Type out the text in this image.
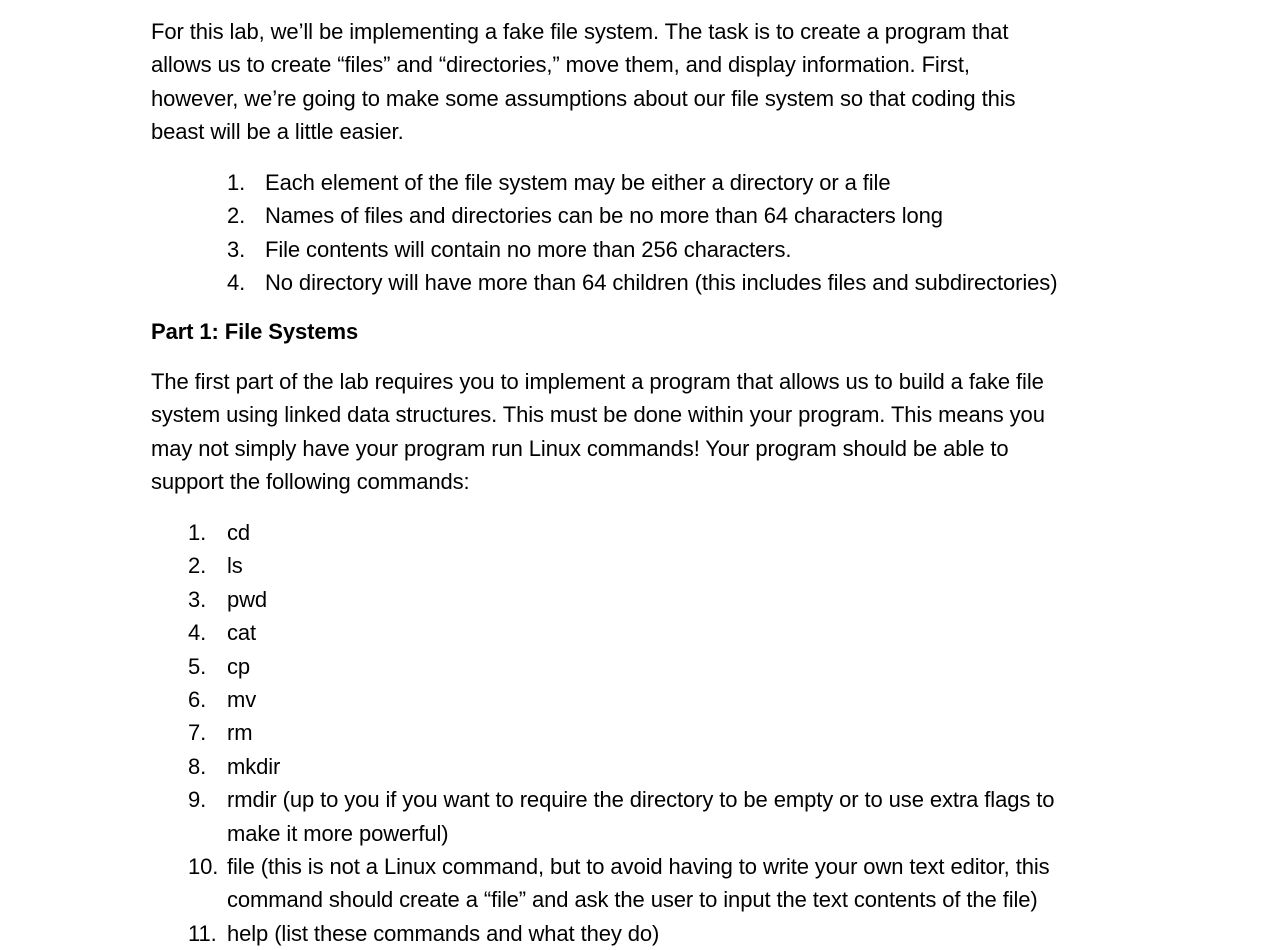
For this lab, we’ll be implementing a fake file system. The task is to create a program that
allows us to create “files” and “directories,” move them, and display information. First,
however, we’re going to make some assumptions about our file system so that coding this
beast will be a little easier.

1. Each element of the file system may be either a directory or a file
2. Names of files and directories can be no more than 64 characters long
3. File contents will contain no more than 256 characters.
4. No directory will have more than 64 children (this includes files and subdirectories)
Part 1: File Systems

The first part of the lab requires you to implement a program that allows us to build a fake file
system using linked data structures. This must be done within your program. This means you
may not simply have your program run Linux commands! Your program should be able to
support the following commands:

1. cd
2. ls
3. pwd
4. cat
5. cp
6. mv
7. rm
8. mkdir
9. rmdir (up to you if you want to require the directory to be empty or to use extra flags to
make it more powerful)
10. file (this is not a Linux command, but to avoid having to write your own text editor, this
command should create a “file” and ask the user to input the text contents of the file)
11. help (list these commands and what they do)
